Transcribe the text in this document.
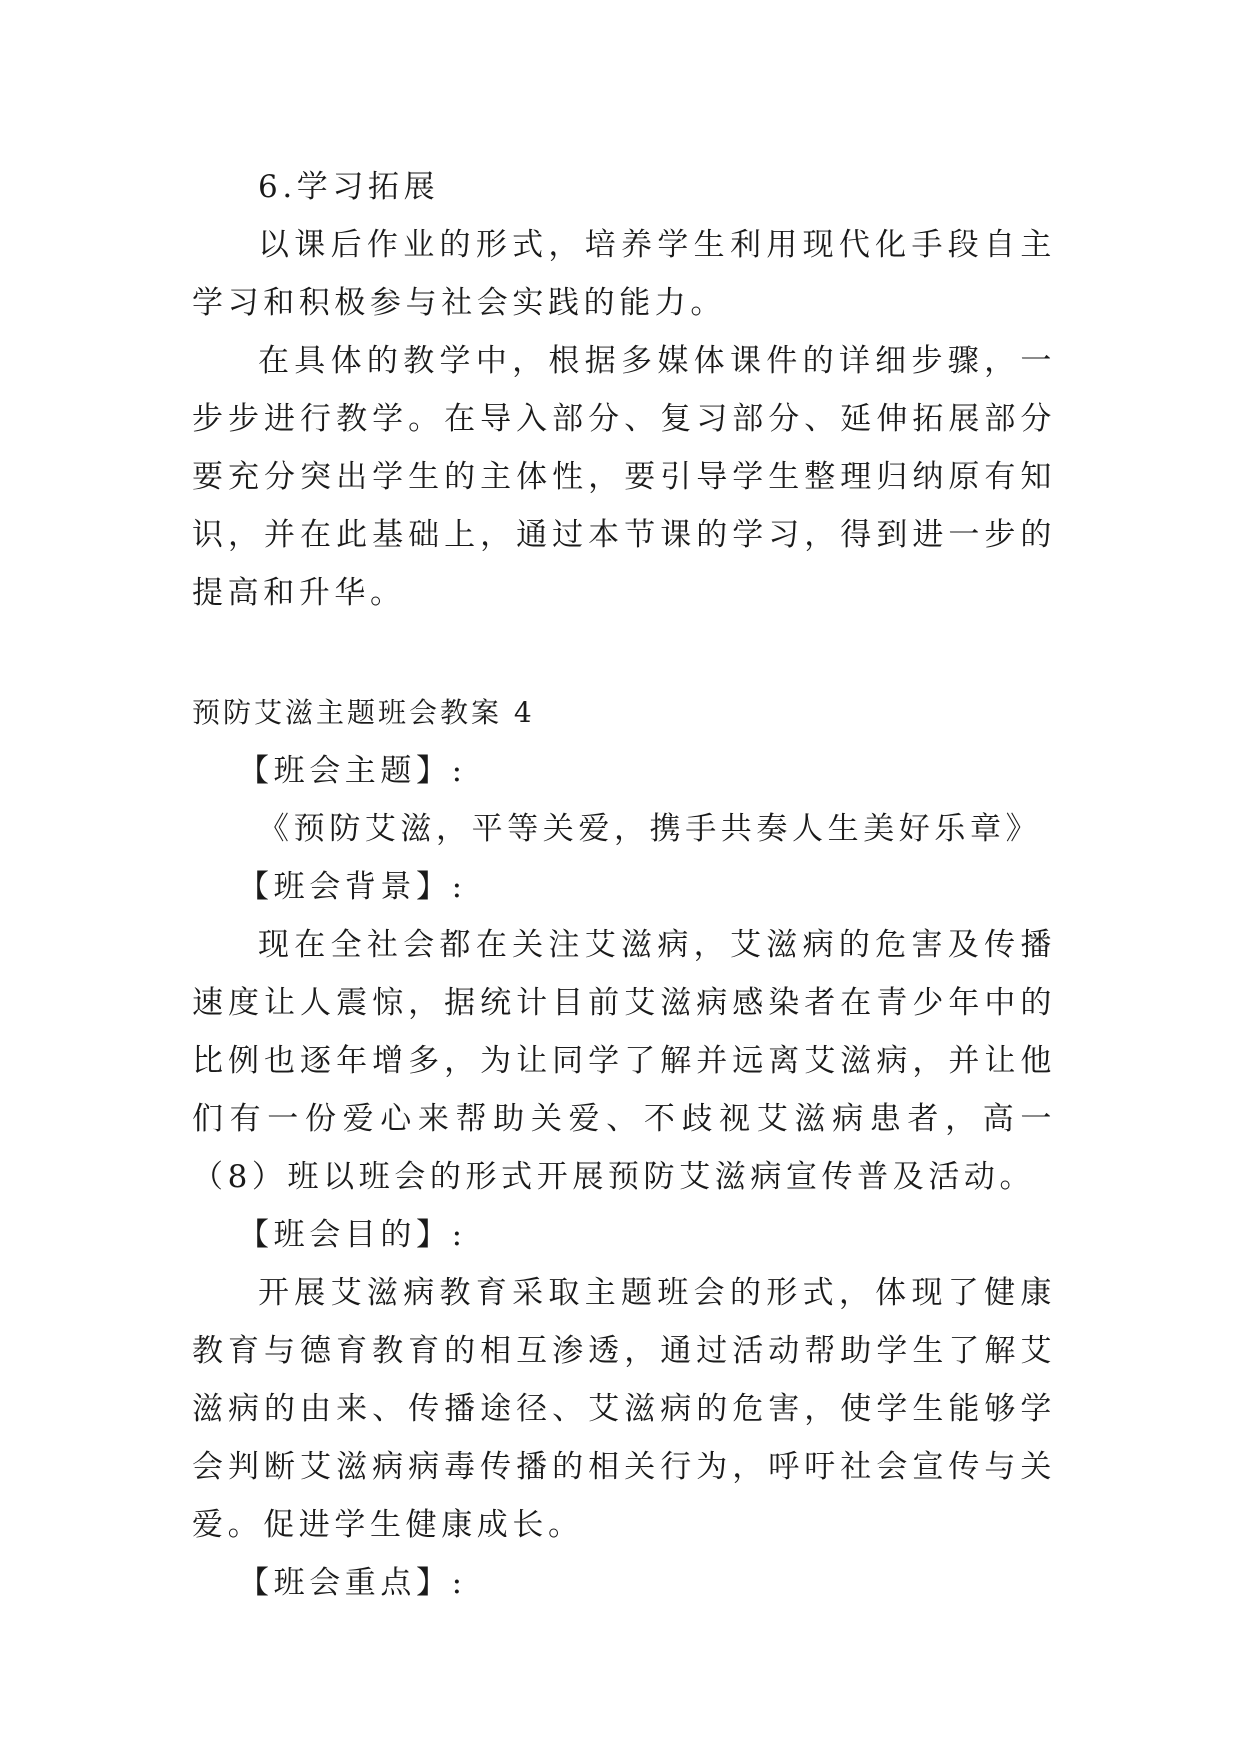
6.学习拓展

以课后作业的形式，培养学生利用现代化手段自主学习和积极参与社会实践的能力。

在具体的教学中，根据多媒体课件的详细步骤，一步步进行教学。在导入部分、复习部分、延伸拓展部分要充分突出学生的主体性，要引导学生整理归纳原有知识，并在此基础上，通过本节课的学习，得到进一步的提高和升华。

预防艾滋主题班会教案 4

【班会主题】:

《预防艾滋，平等关爱，携手共奏人生美好乐章》

【班会背景】:

现在全社会都在关注艾滋病，艾滋病的危害及传播速度让人震惊，据统计目前艾滋病感染者在青少年中的比例也逐年增多，为让同学了解并远离艾滋病，并让他们有一份爱心来帮助关爱、不歧视艾滋病患者，高一（8）班以班会的形式开展预防艾滋病宣传普及活动。

【班会目的】:

开展艾滋病教育采取主题班会的形式，体现了健康教育与德育教育的相互渗透，通过活动帮助学生了解艾滋病的由来、传播途径、艾滋病的危害，使学生能够学会判断艾滋病病毒传播的相关行为，呼吁社会宣传与关爱。促进学生健康成长。

【班会重点】:
